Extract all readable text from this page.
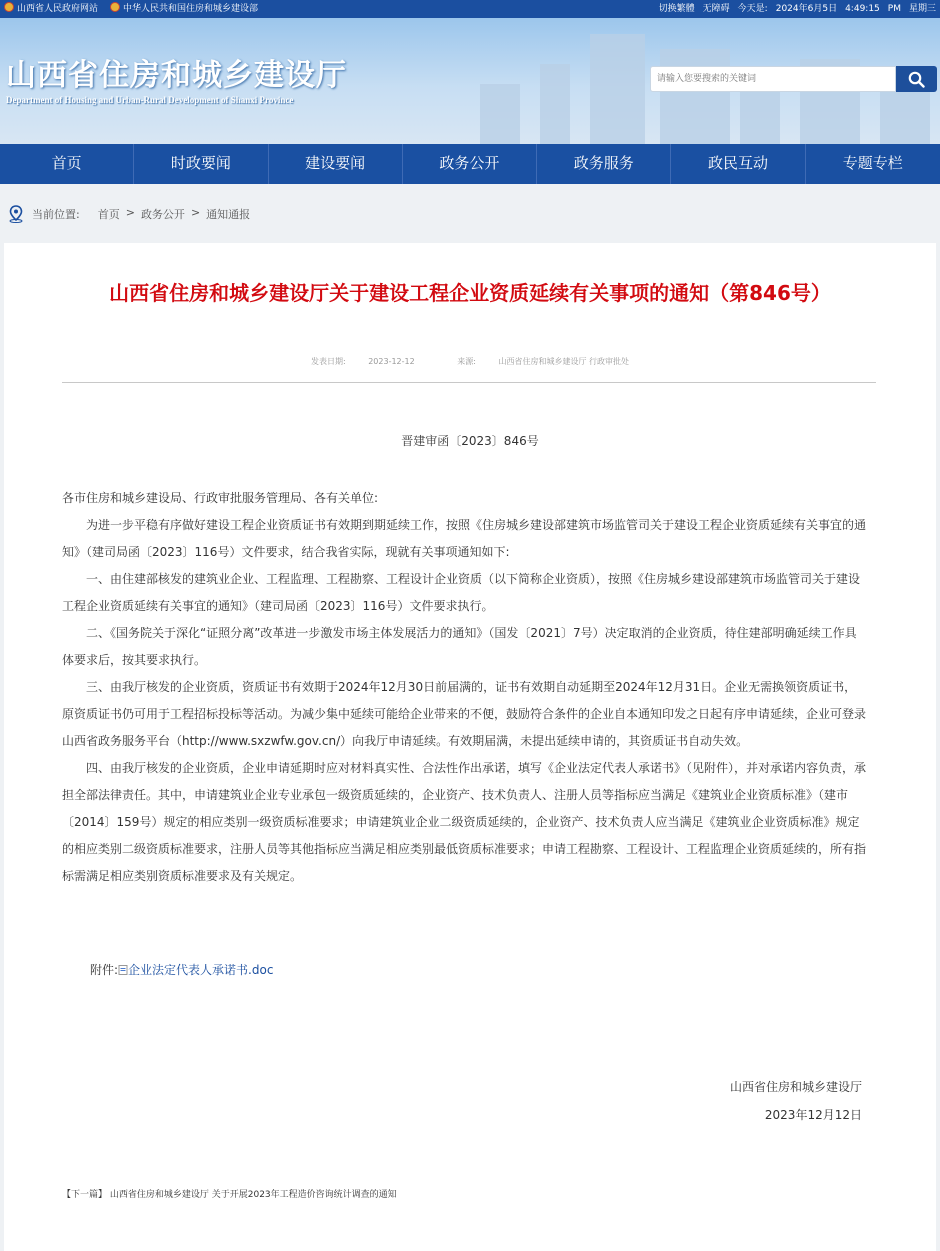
山西省人民政府网站	中华人民共和国住房和城乡建设部	切换繁體 无障碍 今天是: 2024年6月5日 4:49:15 PM 星期三
山西省住房和城乡建设厅
Department of Housing and Urban-Rural Development of Shanxi Province
请输入您要搜索的关键词
首页	时政要闻	建设要闻	政务公开	政务服务	政民互动	专题专栏
当前位置: 首页 > 政务公开 > 通知通报
山西省住房和城乡建设厅关于建设工程企业资质延续有关事项的通知（第846号）
发表日期:	2023-12-12	来源:	山西省住房和城乡建设厅 行政审批处
晋建审函〔2023〕846号

各市住房和城乡建设局、行政审批服务管理局、各有关单位:

为进一步平稳有序做好建设工程企业资质证书有效期到期延续工作，按照《住房城乡建设部建筑市场监管司关于建设工程企业资质延续有关事宜的通知》（建司局函〔2023〕116号）文件要求，结合我省实际，现就有关事项通知如下:

一、由住建部核发的建筑业企业、工程监理、工程勘察、工程设计企业资质（以下简称企业资质），按照《住房城乡建设部建筑市场监管司关于建设工程企业资质延续有关事宜的通知》（建司局函〔2023〕116号）文件要求执行。

二、《国务院关于深化“证照分离”改革进一步激发市场主体发展活力的通知》（国发〔2021〕7号）决定取消的企业资质，待住建部明确延续工作具体要求后，按其要求执行。

三、由我厅核发的企业资质，资质证书有效期于2024年12月30日前届满的，证书有效期自动延期至2024年12月31日。企业无需换领资质证书，原资质证书仍可用于工程招标投标等活动。为减少集中延续可能给企业带来的不便，鼓励符合条件的企业自本通知印发之日起有序申请延续，企业可登录山西省政务服务平台（http://www.sxzwfw.gov.cn/）向我厅申请延续。有效期届满，未提出延续申请的，其资质证书自动失效。

四、由我厅核发的企业资质，企业申请延期时应对材料真实性、合法性作出承诺，填写《企业法定代表人承诺书》（见附件），并对承诺内容负责，承担全部法律责任。其中，申请建筑业企业专业承包一级资质延续的，企业资产、技术负责人、注册人员等指标应当满足《建筑业企业资质标准》（建市〔2014〕159号）规定的相应类别一级资质标准要求；申请建筑业企业二级资质延续的，企业资产、技术负责人应当满足《建筑业企业资质标准》规定的相应类别二级资质标准要求，注册人员等其他指标应当满足相应类别最低资质标准要求；申请工程勘察、工程设计、工程监理企业资质延续的，所有指标需满足相应类别资质标准要求及有关规定。

附件: 企业法定代表人承诺书.doc
山西省住房和城乡建设厅
2023年12月12日
【下一篇】 山西省住房和城乡建设厅 关于开展2023年工程造价咨询统计调查的通知
